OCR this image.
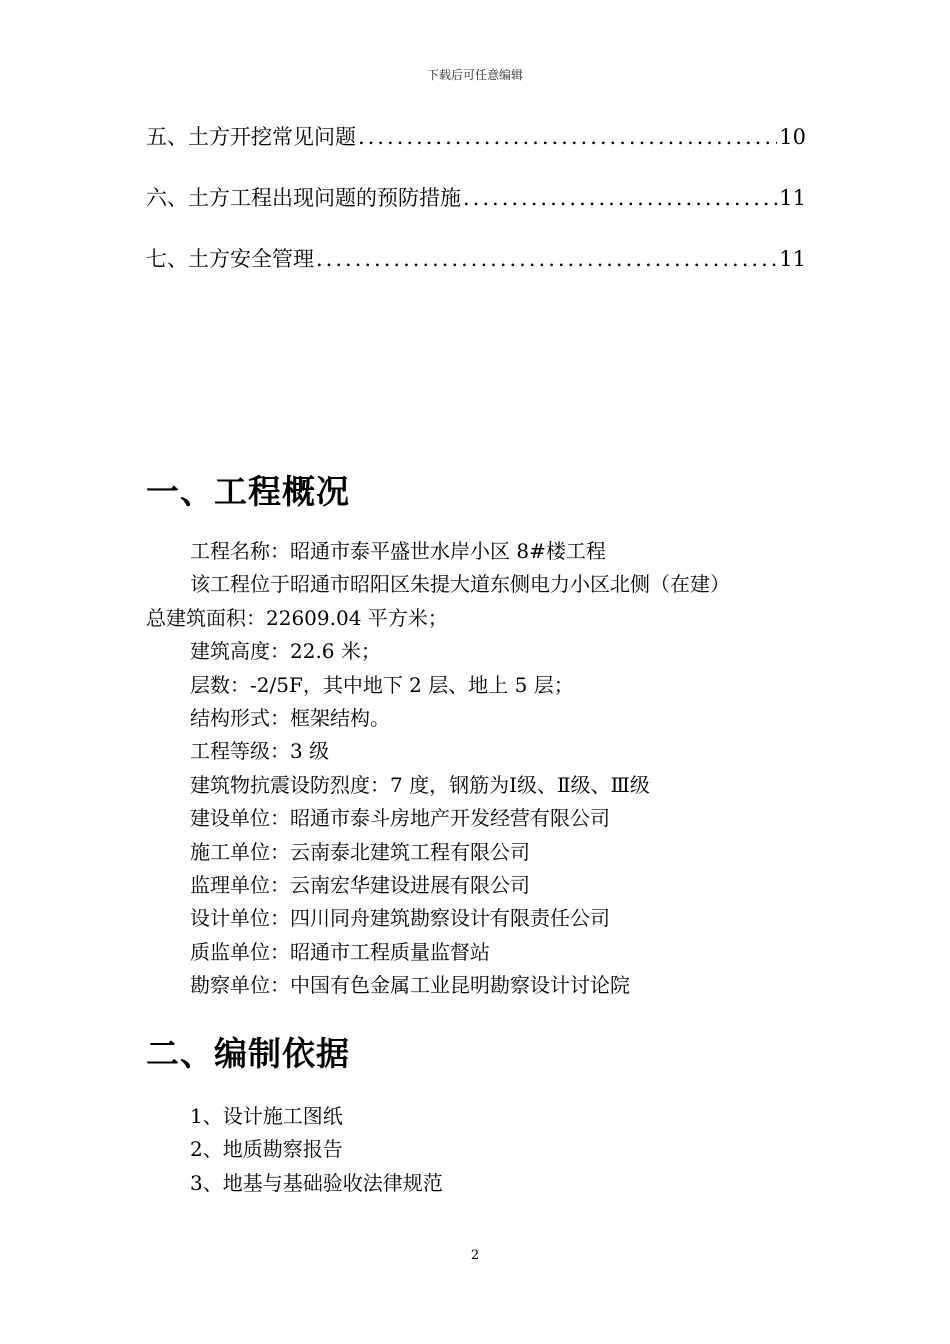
下载后可任意编辑
五、土方开挖常见问题 .....	10
六、土方工程出现问题的预防措施 .....	11
七、土方安全管理 .....	11
一、工程概况
工程名称：昭通市泰平盛世水岸小区 8#楼工程
该工程位于昭通市昭阳区朱提大道东侧电力小区北侧（在建）
总建筑面积：22609.04 平方米；
建筑高度：22.6 米；
层数：-2/5F，其中地下 2 层、地上 5 层；
结构形式：框架结构。
工程等级：3 级
建筑物抗震设防烈度：7 度，钢筋为Ⅰ级、Ⅱ级、Ⅲ级
建设单位：昭通市泰斗房地产开发经营有限公司
施工单位：云南泰北建筑工程有限公司
监理单位：云南宏华建设进展有限公司
设计单位：四川同舟建筑勘察设计有限责任公司
质监单位：昭通市工程质量监督站
勘察单位：中国有色金属工业昆明勘察设计讨论院
二、编制依据
1、设计施工图纸
2、地质勘察报告
3、地基与基础验收法律规范
2
